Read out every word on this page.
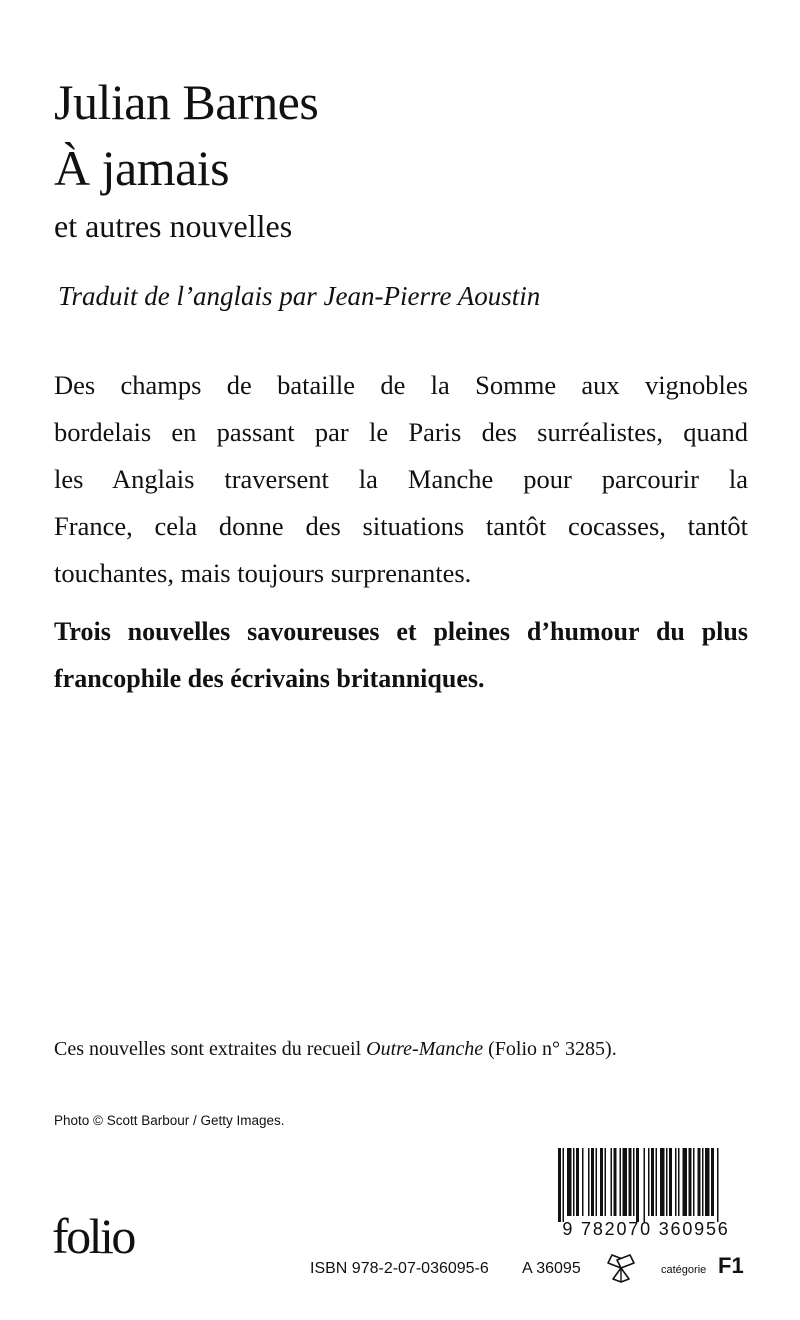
Julian Barnes
À jamais
et autres nouvelles
Traduit de l’anglais par Jean-Pierre Aoustin
Des champs de bataille de la Somme aux vignobles
bordelais en passant par le Paris des surréalistes, quand
les Anglais traversent la Manche pour parcourir la
France, cela donne des situations tantôt cocasses, tantôt
touchantes, mais toujours surprenantes.
Trois nouvelles savoureuses et pleines d’humour du plus
francophile des écrivains britanniques.
Ces nouvelles sont extraites du recueil Outre-Manche (Folio n° 3285).
Photo © Scott Barbour / Getty Images.
folio	9 782070 360956
ISBN 978-2-07-036095-6 A 36095	catégorie F1
